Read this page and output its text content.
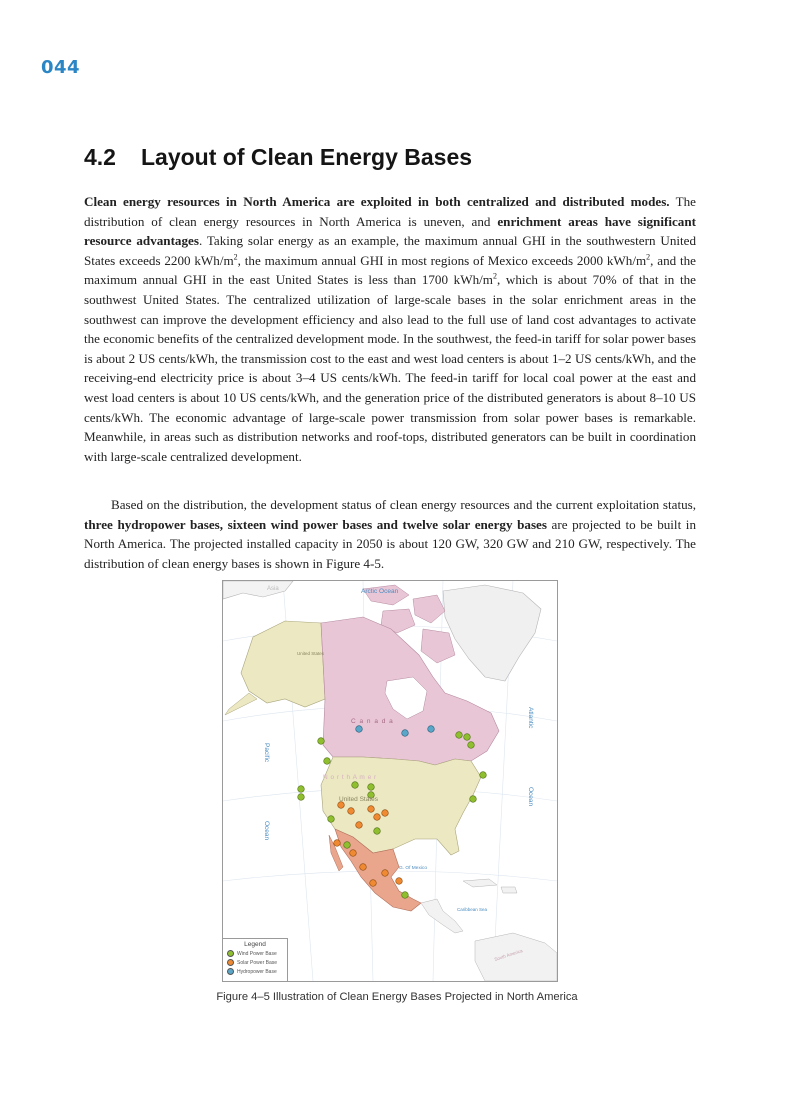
044
4.2 Layout of Clean Energy Bases

Clean energy resources in North America are exploited in both centralized and distributed modes. The distribution of clean energy resources in North America is uneven, and enrichment areas have significant resource advantages. Taking solar energy as an example, the maximum annual GHI in the southwestern United States exceeds 2200 kWh/$m^2$, the maximum annual GHI in most regions of Mexico exceeds 2000 kWh/$m^2$, and the maximum annual GHI in the east United States is less than 1700 kWh/$m^2$, which is about 70% of that in the southwest United States. The centralized utilization of large-scale bases in the solar enrichment areas in the southwest can improve the development efficiency and also lead to the full use of land cost advantages to activate the economic benefits of the centralized development mode. In the southwest, the feed-in tariff for solar power bases is about 2 US cents/kWh, the transmission cost to the east and west load centers is about 1–2 US cents/kWh, and the receiving-end electricity price is about 3–4 US cents/kWh. The feed-in tariff for local coal power at the east and west load centers is about 10 US cents/kWh, and the generation price of the distributed generators is about 8–10 US cents/kWh. The economic advantage of large-scale power transmission from solar power bases is remarkable. Meanwhile, in areas such as distribution networks and roof-tops, distributed generators can be built in coordination with large-scale centralized development.

Based on the distribution, the development status of clean energy resources and the current exploitation status, three hydropower bases, sixteen wind power bases and twelve solar energy bases are projected to be built in North America. The projected installed capacity in 2050 is about 120 GW, 320 GW and 210 GW, respectively. The distribution of clean energy bases is shown in Figure 4-5.

Arctic Ocean
Asia
United States
C a n a d a
N o r t h A m e r
United States
G. Of Mexico
Caribbean Sea
South America
Pacific
Ocean
Atlantic
Ocean
Legend
Wind Power Base
Solar Power Base
Hydropower Base
Figure 4–5 Illustration of Clean Energy Bases Projected in North America
